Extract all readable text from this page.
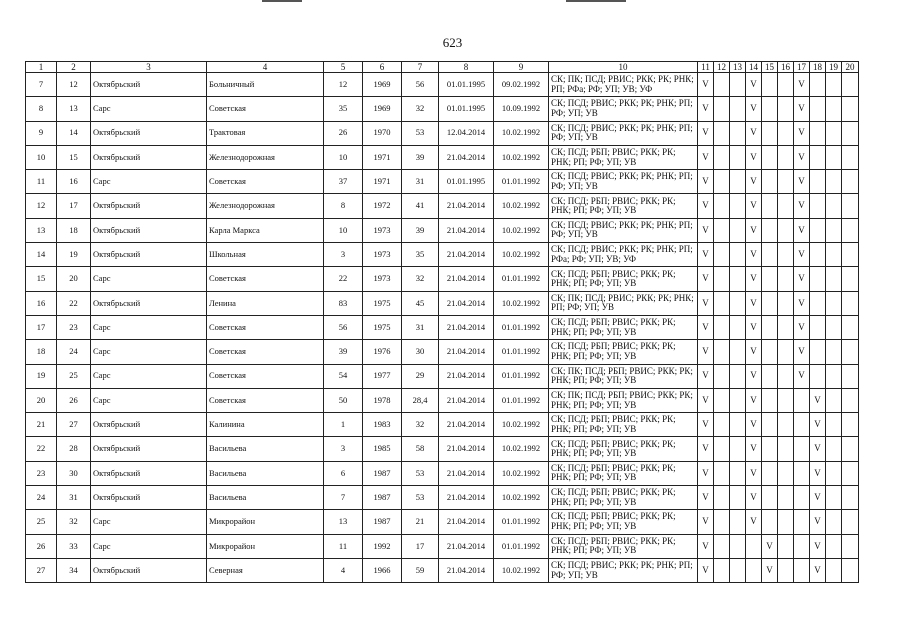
623
1	2	3	4	5	6	7	8	9	10	11	12	13	14	15	16	17	18	19	20
7	12	Октябрьский	Больничный	12	1969	56	01.01.1995	09.02.1992	СК; ПК; ПСД; РВИС; РКК; РК; РНК; РП; РФа; РФ; УП; УВ; УФ	V			V			V			
8	13	Сарс	Советская	35	1969	32	01.01.1995	10.09.1992	СК; ПСД; РВИС; РКК; РК; РНК; РП; РФ; УП; УВ	V			V			V			
9	14	Октябрьский	Трактовая	26	1970	53	12.04.2014	10.02.1992	СК; ПСД; РВИС; РКК; РК; РНК; РП; РФ; УП; УВ	V			V			V			
10	15	Октябрьский	Железнодорожная	10	1971	39	21.04.2014	10.02.1992	СК; ПСД; РБП; РВИС; РКК; РК; РНК; РП; РФ; УП; УВ	V			V			V			
11	16	Сарс	Советская	37	1971	31	01.01.1995	01.01.1992	СК; ПСД; РВИС; РКК; РК; РНК; РП; РФ; УП; УВ	V			V			V			
12	17	Октябрьский	Железнодорожная	8	1972	41	21.04.2014	10.02.1992	СК; ПСД; РБП; РВИС; РКК; РК; РНК; РП; РФ; УП; УВ	V			V			V			
13	18	Октябрьский	Карла Маркса	10	1973	39	21.04.2014	10.02.1992	СК; ПСД; РВИС; РКК; РК; РНК; РП; РФ; УП; УВ	V			V			V			
14	19	Октябрьский	Школьная	3	1973	35	21.04.2014	10.02.1992	СК; ПСД; РВИС; РКК; РК; РНК; РП; РФа; РФ; УП; УВ; УФ	V			V			V			
15	20	Сарс	Советская	22	1973	32	21.04.2014	01.01.1992	СК; ПСД; РБП; РВИС; РКК; РК; РНК; РП; РФ; УП; УВ	V			V			V			
16	22	Октябрьский	Ленина	83	1975	45	21.04.2014	10.02.1992	СК; ПК; ПСД; РВИС; РКК; РК; РНК; РП; РФ; УП; УВ	V			V			V			
17	23	Сарс	Советская	56	1975	31	21.04.2014	01.01.1992	СК; ПСД; РБП; РВИС; РКК; РК; РНК; РП; РФ; УП; УВ	V			V			V			
18	24	Сарс	Советская	39	1976	30	21.04.2014	01.01.1992	СК; ПСД; РБП; РВИС; РКК; РК; РНК; РП; РФ; УП; УВ	V			V			V			
19	25	Сарс	Советская	54	1977	29	21.04.2014	01.01.1992	СК; ПК; ПСД; РБП; РВИС; РКК; РК; РНК; РП; РФ; УП; УВ	V			V			V			
20	26	Сарс	Советская	50	1978	28,4	21.04.2014	01.01.1992	СК; ПК; ПСД; РБП; РВИС; РКК; РК; РНК; РП; РФ; УП; УВ	V			V				V		
21	27	Октябрьский	Калинина	1	1983	32	21.04.2014	10.02.1992	СК; ПСД; РБП; РВИС; РКК; РК; РНК; РП; РФ; УП; УВ	V			V				V		
22	28	Октябрьский	Васильева	3	1985	58	21.04.2014	10.02.1992	СК; ПСД; РБП; РВИС; РКК; РК; РНК; РП; РФ; УП; УВ	V			V				V		
23	30	Октябрьский	Васильева	6	1987	53	21.04.2014	10.02.1992	СК; ПСД; РБП; РВИС; РКК; РК; РНК; РП; РФ; УП; УВ	V			V				V		
24	31	Октябрьский	Васильева	7	1987	53	21.04.2014	10.02.1992	СК; ПСД; РБП; РВИС; РКК; РК; РНК; РП; РФ; УП; УВ	V			V				V		
25	32	Сарс	Микрорайон	13	1987	21	21.04.2014	01.01.1992	СК; ПСД; РБП; РВИС; РКК; РК; РНК; РП; РФ; УП; УВ	V			V				V		
26	33	Сарс	Микрорайон	11	1992	17	21.04.2014	01.01.1992	СК; ПСД; РБП; РВИС; РКК; РК; РНК; РП; РФ; УП; УВ	V				V			V		
27	34	Октябрьский	Северная	4	1966	59	21.04.2014	10.02.1992	СК; ПСД; РВИС; РКК; РК; РНК; РП; РФ; УП; УВ	V				V			V		
